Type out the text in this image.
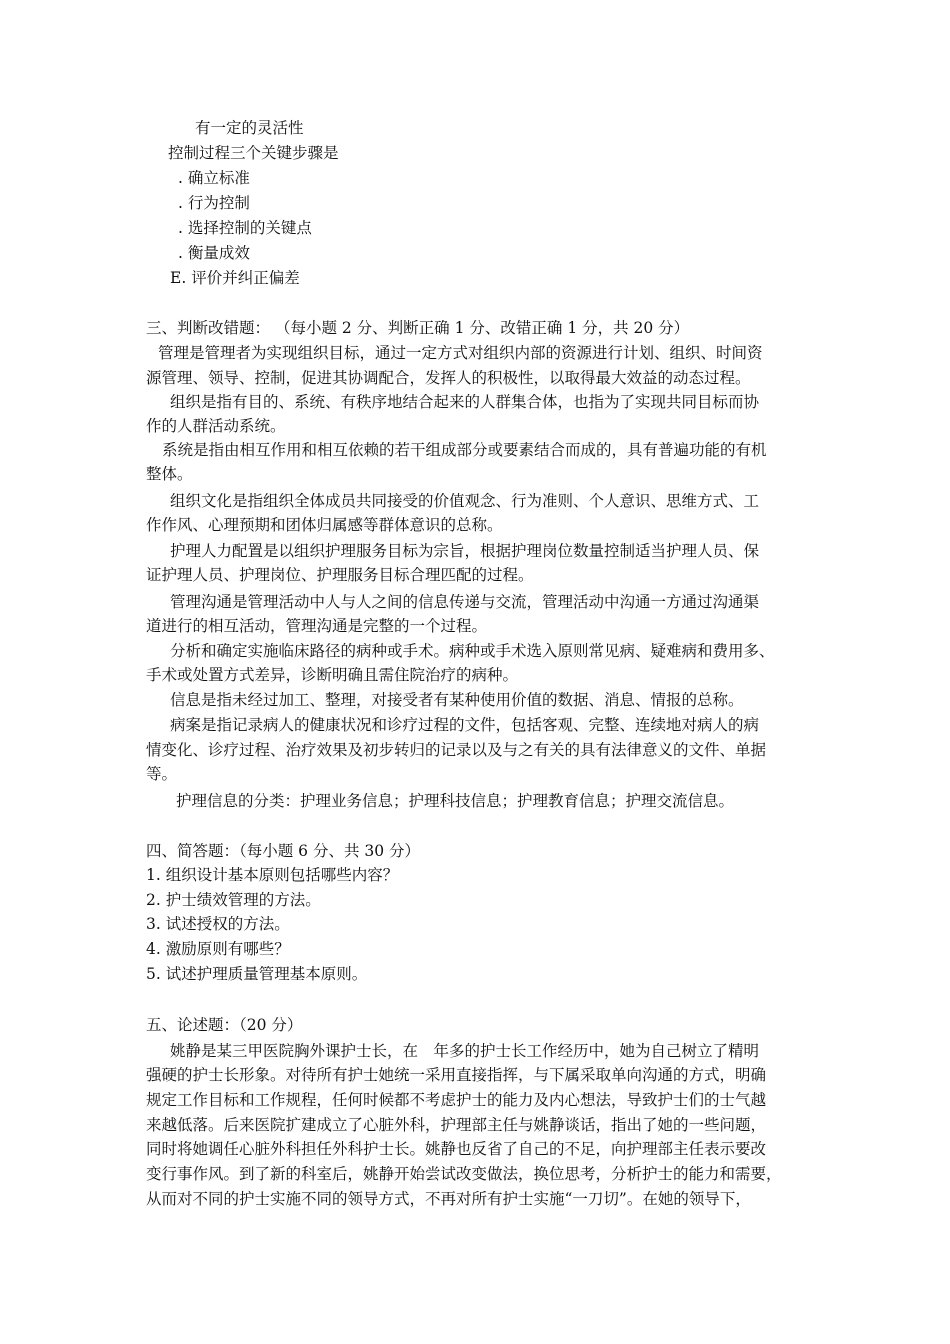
有一定的灵活性
控制过程三个关键步骤是
. 确立标准
. 行为控制
. 选择控制的关键点
. 衡量成效
E. 评价并纠正偏差
三、判断改错题： （每小题 2 分、判断正确 1 分、改错正确 1 分，共 20 分）
管理是管理者为实现组织目标，通过一定方式对组织内部的资源进行计划、组织、时间资
源管理、领导、控制，促进其协调配合，发挥人的积极性，以取得最大效益的动态过程。
组织是指有目的、系统、有秩序地结合起来的人群集合体，也指为了实现共同目标而协
作的人群活动系统。
系统是指由相互作用和相互依赖的若干组成部分或要素结合而成的，具有普遍功能的有机
整体。
组织文化是指组织全体成员共同接受的价值观念、行为准则、个人意识、思维方式、工
作作风、心理预期和团体归属感等群体意识的总称。
护理人力配置是以组织护理服务目标为宗旨，根据护理岗位数量控制适当护理人员、保
证护理人员、护理岗位、护理服务目标合理匹配的过程。
管理沟通是管理活动中人与人之间的信息传递与交流，管理活动中沟通一方通过沟通渠
道进行的相互活动，管理沟通是完整的一个过程。
分析和确定实施临床路径的病种或手术。病种或手术选入原则常见病、疑难病和费用多、
手术或处置方式差异，诊断明确且需住院治疗的病种。
信息是指未经过加工、整理，对接受者有某种使用价值的数据、消息、情报的总称。
病案是指记录病人的健康状况和诊疗过程的文件，包括客观、完整、连续地对病人的病
情变化、诊疗过程、治疗效果及初步转归的记录以及与之有关的具有法律意义的文件、单据
等。
护理信息的分类：护理业务信息；护理科技信息；护理教育信息；护理交流信息。
四、简答题：（每小题 6 分、共 30 分）
1. 组织设计基本原则包括哪些内容？
2. 护士绩效管理的方法。
3. 试述授权的方法。
4. 激励原则有哪些？
5. 试述护理质量管理基本原则。
五、论述题：（20 分）
姚静是某三甲医院胸外课护士长，在　年多的护士长工作经历中，她为自己树立了精明
强硬的护士长形象。对待所有护士她统一采用直接指挥，与下属采取单向沟通的方式，明确
规定工作目标和工作规程，任何时候都不考虑护士的能力及内心想法，导致护士们的士气越
来越低落。后来医院扩建成立了心脏外科，护理部主任与姚静谈话，指出了她的一些问题，
同时将她调任心脏外科担任外科护士长。姚静也反省了自己的不足，向护理部主任表示要改
变行事作风。到了新的科室后，姚静开始尝试改变做法，换位思考，分析护士的能力和需要，
从而对不同的护士实施不同的领导方式，不再对所有护士实施“一刀切”。在她的领导下，
